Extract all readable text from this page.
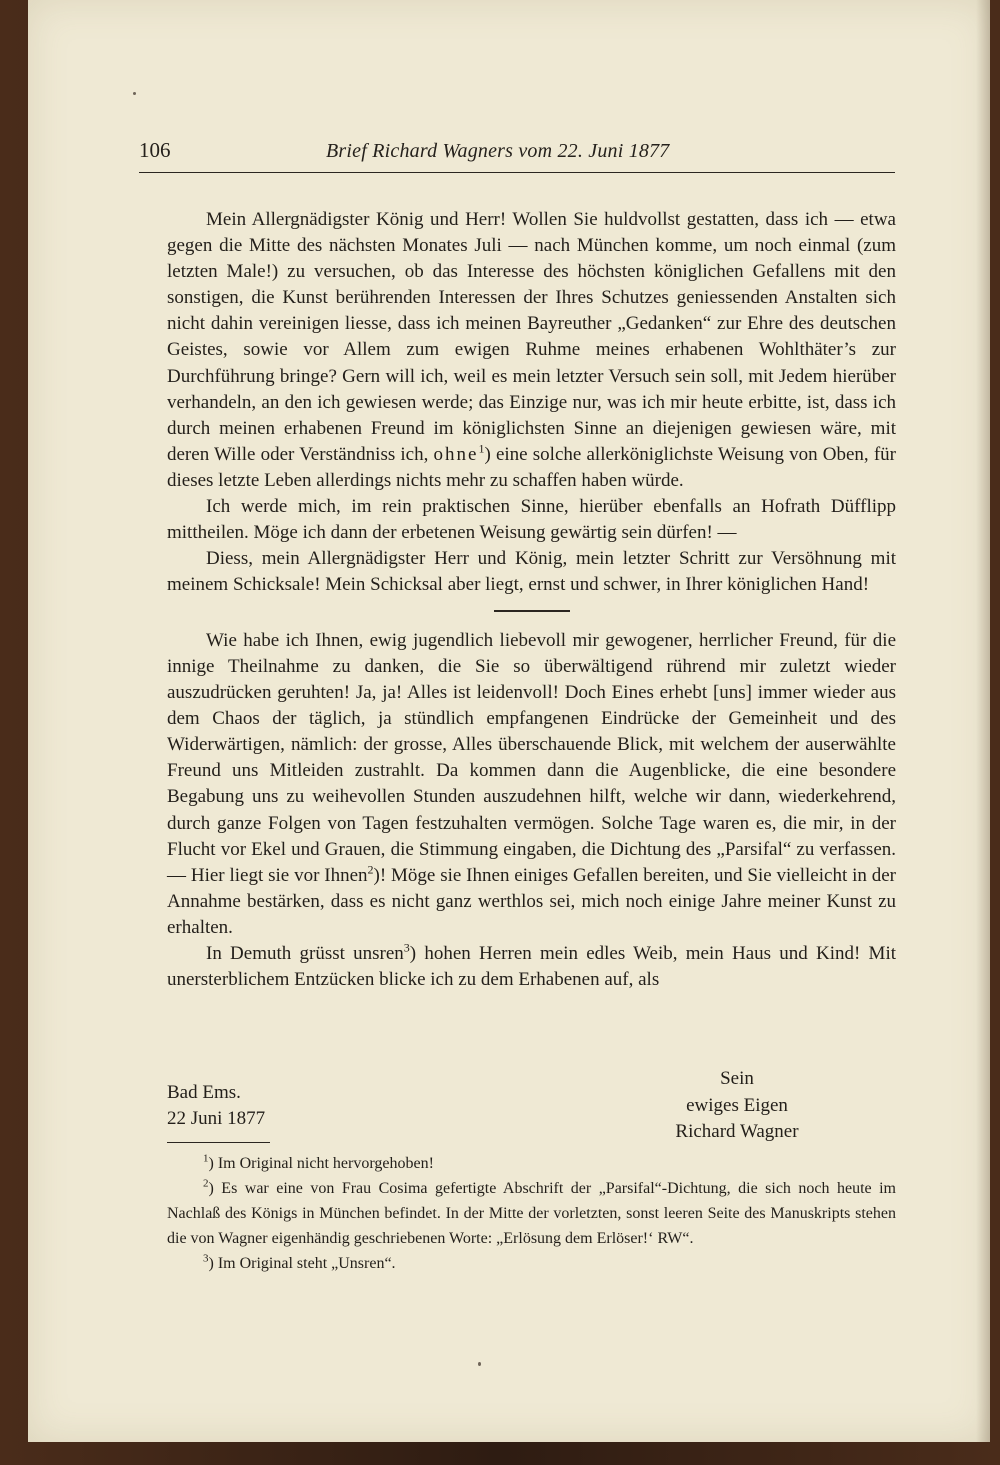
106	Brief Richard Wagners vom 22. Juni 1877

Mein Allergnädigster König und Herr! Wollen Sie huldvollst gestatten, dass ich — etwa gegen die Mitte des nächsten Monates Juli — nach München komme, um noch einmal (zum letzten Male!) zu versuchen, ob das Interesse des höchsten königlichen Gefallens mit den sonstigen, die Kunst berührenden Interessen der Ihres Schutzes geniessenden Anstalten sich nicht dahin vereinigen liesse, dass ich meinen Bayreuther „Gedanken“ zur Ehre des deutschen Geistes, sowie vor Allem zum ewigen Ruhme meines erhabenen Wohlthäter’s zur Durchführung bringe? Gern will ich, weil es mein letzter Versuch sein soll, mit Jedem hierüber verhandeln, an den ich gewiesen werde; das Einzige nur, was ich mir heute erbitte, ist, dass ich durch meinen erhabenen Freund im königlichsten Sinne an diejenigen gewiesen wäre, mit deren Wille oder Verständniss ich, ohne$^1$) eine solche allerköniglichste Weisung von Oben, für dieses letzte Leben allerdings nichts mehr zu schaffen haben würde.

Ich werde mich, im rein praktischen Sinne, hierüber ebenfalls an Hofrath Düfflipp mittheilen. Möge ich dann der erbetenen Weisung gewärtig sein dürfen! —

Diess, mein Allergnädigster Herr und König, mein letzter Schritt zur Versöhnung mit meinem Schicksale! Mein Schicksal aber liegt, ernst und schwer, in Ihrer königlichen Hand!

Wie habe ich Ihnen, ewig jugendlich liebevoll mir gewogener, herrlicher Freund, für die innige Theilnahme zu danken, die Sie so überwältigend rührend mir zuletzt wieder auszudrücken geruhten! Ja, ja! Alles ist leidenvoll! Doch Eines erhebt [uns] immer wieder aus dem Chaos der täglich, ja stündlich empfangenen Eindrücke der Gemeinheit und des Widerwärtigen, nämlich: der grosse, Alles überschauende Blick, mit welchem der auserwählte Freund uns Mitleiden zustrahlt. Da kommen dann die Augenblicke, die eine besondere Begabung uns zu weihevollen Stunden auszudehnen hilft, welche wir dann, wiederkehrend, durch ganze Folgen von Tagen festzuhalten vermögen. Solche Tage waren es, die mir, in der Flucht vor Ekel und Grauen, die Stimmung eingaben, die Dichtung des „Parsifal“ zu verfassen. — Hier liegt sie vor Ihnen$^2$)! Möge sie Ihnen einiges Gefallen bereiten, und Sie vielleicht in der Annahme bestärken, dass es nicht ganz werthlos sei, mich noch einige Jahre meiner Kunst zu erhalten.

In Demuth grüsst unsren$^3$) hohen Herren mein edles Weib, mein Haus und Kind! Mit unersterblichem Entzücken blicke ich zu dem Erhabenen auf, als

Bad Ems.
22 Juni 1877
Sein
ewiges Eigen
Richard Wagner

$^1$) Im Original nicht hervorgehoben!

$^2$) Es war eine von Frau Cosima gefertigte Abschrift der „Parsifal“-Dichtung, die sich noch heute im Nachlaß des Königs in München befindet. In der Mitte der vorletzten, sonst leeren Seite des Manuskripts stehen die von Wagner eigenhändig geschriebenen Worte: „Erlösung dem Erlöser!‘ RW“.

$^3$) Im Original steht „Unsren“.
